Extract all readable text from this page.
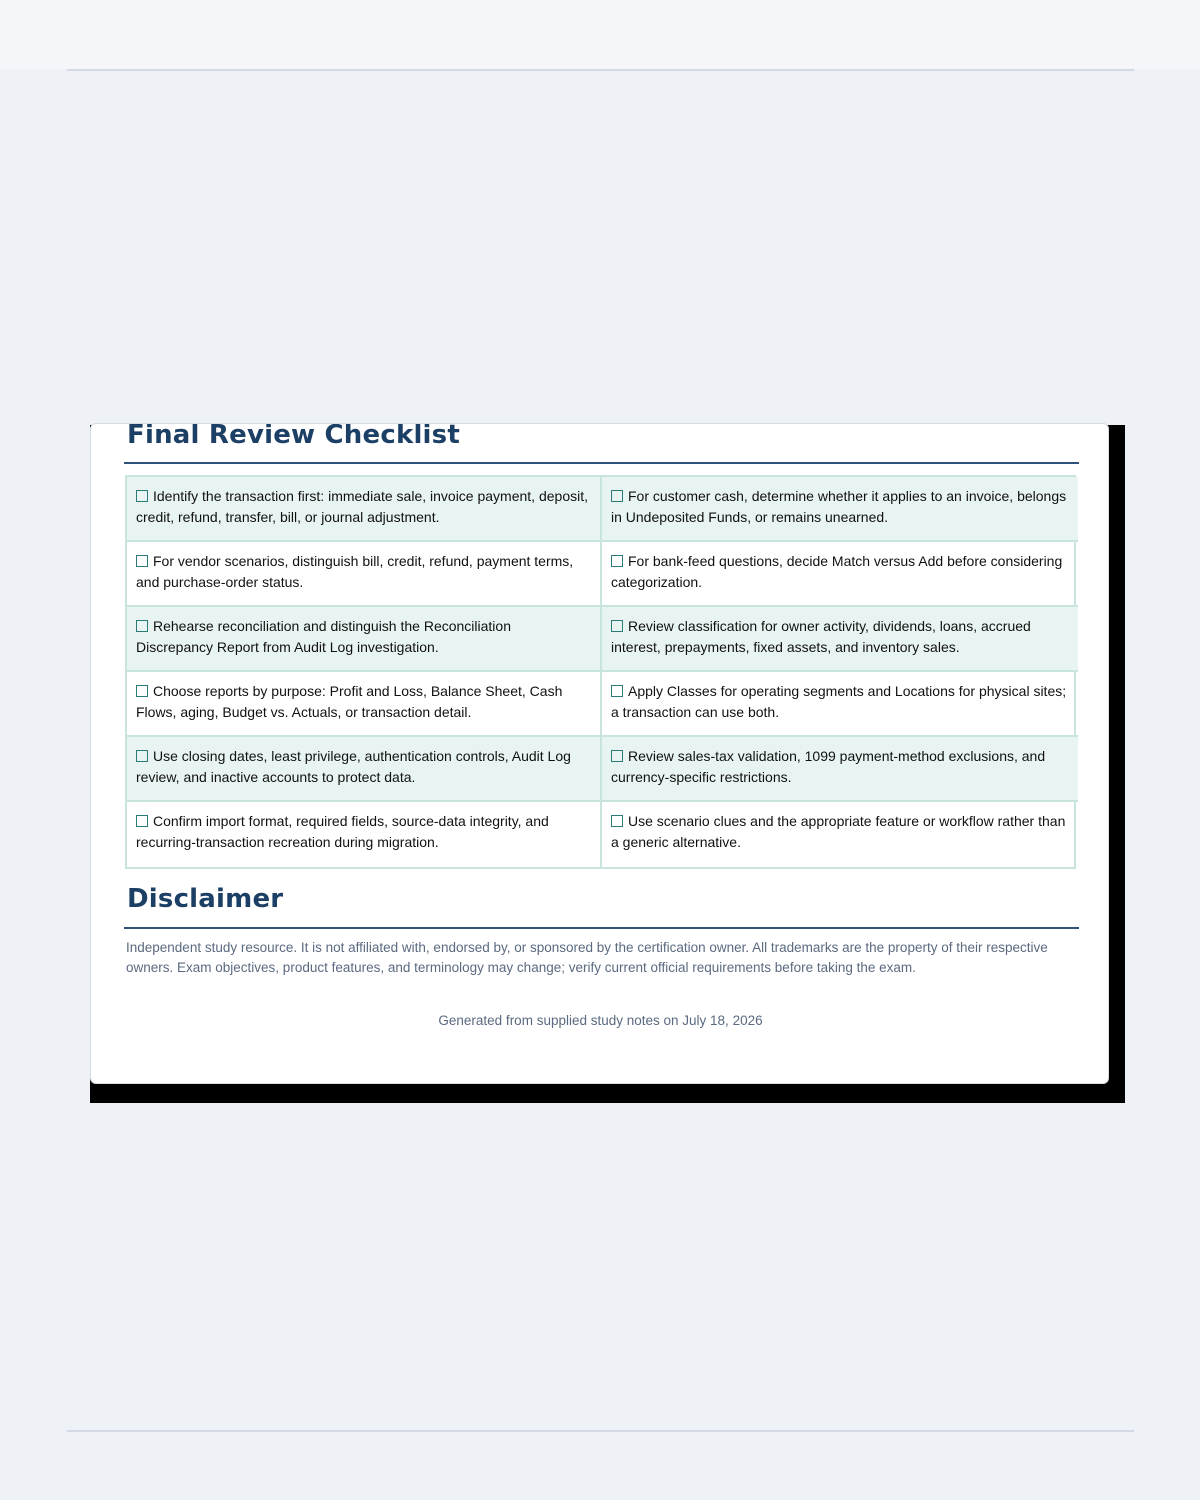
Final Review Checklist
Identify the transaction first: immediate sale, invoice payment, deposit, credit, refund, transfer, bill, or journal adjustment.
For customer cash, determine whether it applies to an invoice, belongs in Undeposited Funds, or remains unearned.
For vendor scenarios, distinguish bill, credit, refund, payment terms, and purchase-order status.
For bank-feed questions, decide Match versus Add before considering categorization.
Rehearse reconciliation and distinguish the Reconciliation Discrepancy Report from Audit Log investigation.
Review classification for owner activity, dividends, loans, accrued interest, prepayments, fixed assets, and inventory sales.
Choose reports by purpose: Profit and Loss, Balance Sheet, Cash Flows, aging, Budget vs. Actuals, or transaction detail.
Apply Classes for operating segments and Locations for physical sites; a transaction can use both.
Use closing dates, least privilege, authentication controls, Audit Log review, and inactive accounts to protect data.
Review sales-tax validation, 1099 payment-method exclusions, and currency-specific restrictions.
Confirm import format, required fields, source-data integrity, and recurring-transaction recreation during migration.
Use scenario clues and the appropriate feature or workflow rather than a generic alternative.
Disclaimer

Independent study resource. It is not affiliated with, endorsed by, or sponsored by the certification owner. All trademarks are the property of their respective owners. Exam objectives, product features, and terminology may change; verify current official requirements before taking the exam.

Generated from supplied study notes on July 18, 2026
